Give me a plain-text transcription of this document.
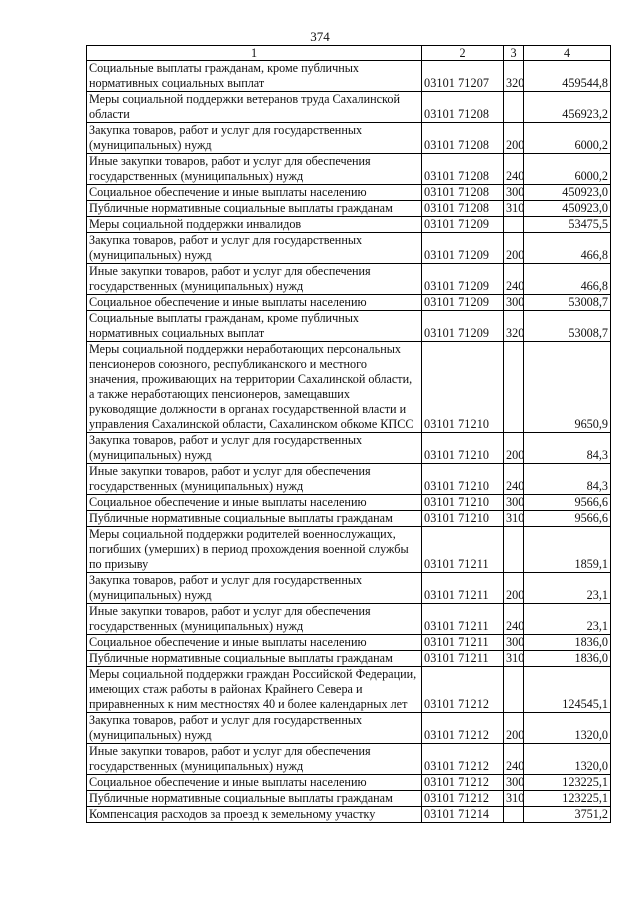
374
1	2	3	4
Социальные выплаты гражданам, кроме публичных нормативных социальных выплат	03101 71207	320	459544,8
Меры социальной поддержки ветеранов труда Сахалинской области	03101 71208		456923,2
Закупка товаров, работ и услуг для государственных (муниципальных) нужд	03101 71208	200	6000,2
Иные закупки товаров, работ и услуг для обеспечения государственных (муниципальных) нужд	03101 71208	240	6000,2
Социальное обеспечение и иные выплаты населению	03101 71208	300	450923,0
Публичные нормативные социальные выплаты гражданам	03101 71208	310	450923,0
Меры социальной поддержки инвалидов	03101 71209		53475,5
Закупка товаров, работ и услуг для государственных (муниципальных) нужд	03101 71209	200	466,8
Иные закупки товаров, работ и услуг для обеспечения государственных (муниципальных) нужд	03101 71209	240	466,8
Социальное обеспечение и иные выплаты населению	03101 71209	300	53008,7
Социальные выплаты гражданам, кроме публичных нормативных социальных выплат	03101 71209	320	53008,7
Меры социальной поддержки неработающих персональных пенсионеров союзного, республиканского и местного значения, проживающих на территории Сахалинской области, а также неработающих пенсионеров, замещавших руководящие должности в органах государственной власти и управления Сахалинской области, Сахалинском обкоме КПСС	03101 71210		9650,9
Закупка товаров, работ и услуг для государственных (муниципальных) нужд	03101 71210	200	84,3
Иные закупки товаров, работ и услуг для обеспечения государственных (муниципальных) нужд	03101 71210	240	84,3
Социальное обеспечение и иные выплаты населению	03101 71210	300	9566,6
Публичные нормативные социальные выплаты гражданам	03101 71210	310	9566,6
Меры социальной поддержки родителей военнослужащих, погибших (умерших) в период прохождения военной службы по призыву	03101 71211		1859,1
Закупка товаров, работ и услуг для государственных (муниципальных) нужд	03101 71211	200	23,1
Иные закупки товаров, работ и услуг для обеспечения государственных (муниципальных) нужд	03101 71211	240	23,1
Социальное обеспечение и иные выплаты населению	03101 71211	300	1836,0
Публичные нормативные социальные выплаты гражданам	03101 71211	310	1836,0
Меры социальной поддержки граждан Российской Федерации, имеющих стаж работы в районах Крайнего Севера и приравненных к ним местностях 40 и более календарных лет	03101 71212		124545,1
Закупка товаров, работ и услуг для государственных (муниципальных) нужд	03101 71212	200	1320,0
Иные закупки товаров, работ и услуг для обеспечения государственных (муниципальных) нужд	03101 71212	240	1320,0
Социальное обеспечение и иные выплаты населению	03101 71212	300	123225,1
Публичные нормативные социальные выплаты гражданам	03101 71212	310	123225,1
Компенсация расходов за проезд к земельному участку	03101 71214		3751,2
